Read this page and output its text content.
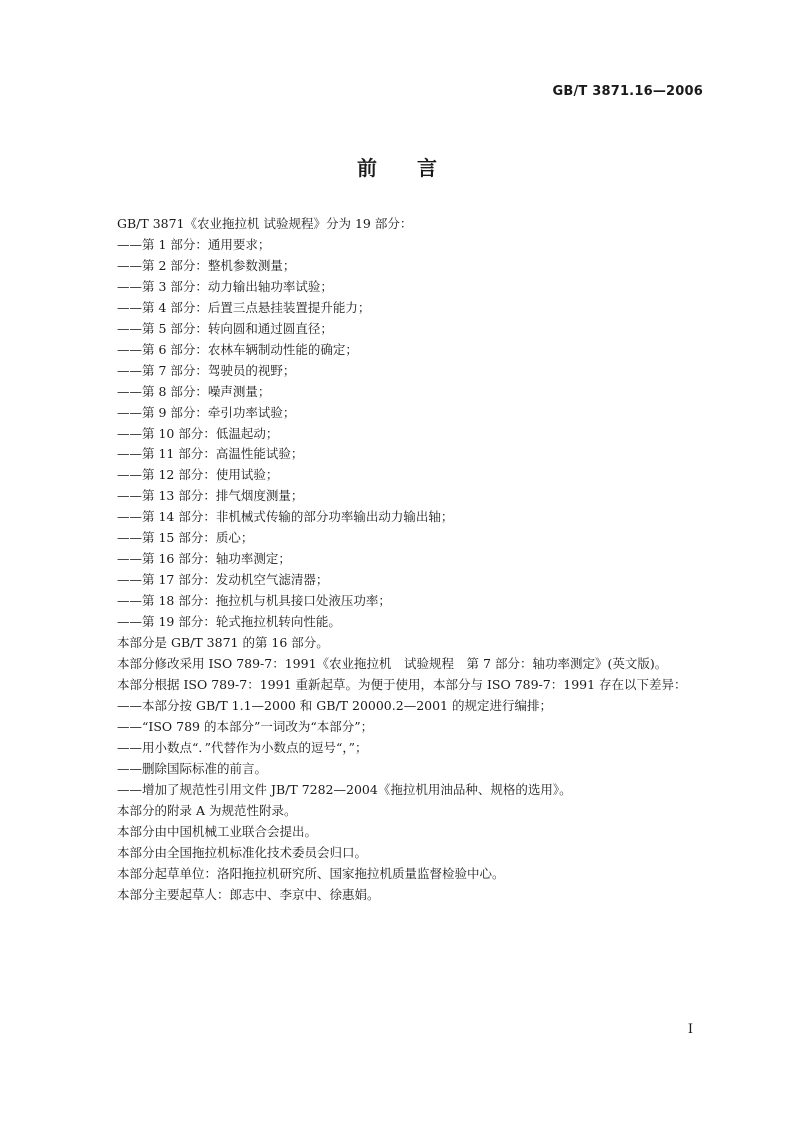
GB/T 3871.16—2006
前言

GB/T 3871《农业拖拉机 试验规程》分为 19 部分：

——第 1 部分：通用要求；

——第 2 部分：整机参数测量；

——第 3 部分：动力输出轴功率试验；

——第 4 部分：后置三点悬挂装置提升能力；

——第 5 部分：转向圆和通过圆直径；

——第 6 部分：农林车辆制动性能的确定；

——第 7 部分：驾驶员的视野；

——第 8 部分：噪声测量；

——第 9 部分：牵引功率试验；

——第 10 部分：低温起动；

——第 11 部分：高温性能试验；

——第 12 部分：使用试验；

——第 13 部分：排气烟度测量；

——第 14 部分：非机械式传输的部分功率输出动力输出轴；

——第 15 部分：质心；

——第 16 部分：轴功率测定；

——第 17 部分：发动机空气滤清器；

——第 18 部分：拖拉机与机具接口处液压功率；

——第 19 部分：轮式拖拉机转向性能。

本部分是 GB/T 3871 的第 16 部分。

本部分修改采用 ISO 789-7：1991《农业拖拉机　试验规程　第 7 部分：轴功率测定》(英文版)。

本部分根据 ISO 789-7：1991 重新起草。为便于使用，本部分与 ISO 789-7：1991 存在以下差异：

——本部分按 GB/T 1.1—2000 和 GB/T 20000.2—2001 的规定进行编排；

——“ISO 789 的本部分”一词改为“本部分”；

——用小数点“．”代替作为小数点的逗号“，”；

——删除国际标准的前言。

——增加了规范性引用文件 JB/T 7282—2004《拖拉机用油品种、规格的选用》。

本部分的附录 A 为规范性附录。

本部分由中国机械工业联合会提出。

本部分由全国拖拉机标准化技术委员会归口。

本部分起草单位：洛阳拖拉机研究所、国家拖拉机质量监督检验中心。

本部分主要起草人：郎志中、李京中、徐惠娟。

I
